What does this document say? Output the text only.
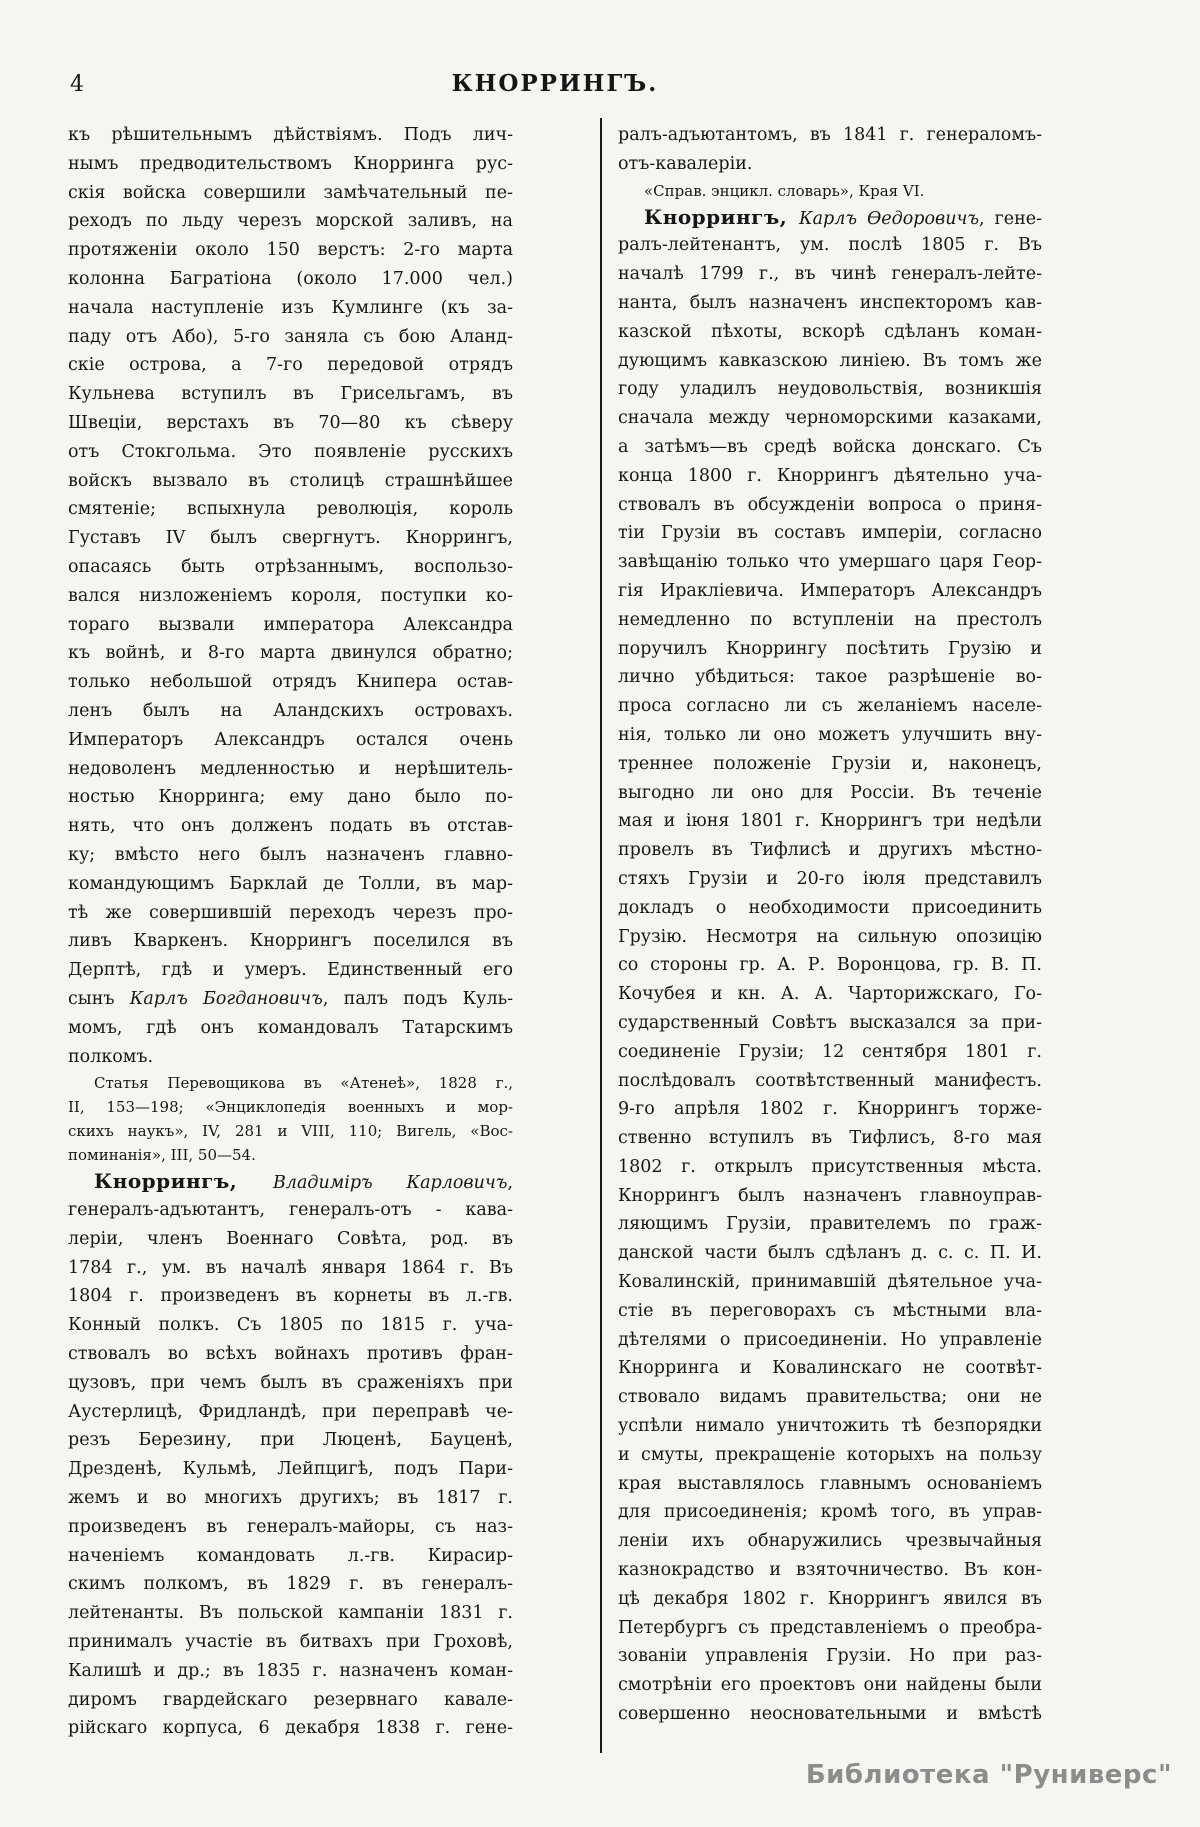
4	КНОРРИНГЪ.
къ рѣшительнымъ дѣйствіямъ. Подъ лич-
нымъ предводительствомъ Кнорринга рус-
скія войска совершили замѣчательный пе-
реходъ по льду черезъ морской заливъ, на
протяженіи около 150 верстъ: 2-го марта
колонна Багратіона (около 17.000 чел.)
начала наступленіе изъ Кумлинге (къ за-
паду отъ Або), 5-го заняла съ бою Аланд-
скіе острова, а 7-го передовой отрядъ
Кульнева вступилъ въ Грисельгамъ, въ
Швеціи, верстахъ въ 70—80 къ сѣверу
отъ Стокгольма. Это появленіе русскихъ
войскъ вызвало въ столицѣ страшнѣйшее
смятеніе; вспыхнула революція, король
Густавъ IV былъ свергнутъ. Кноррингъ,
опасаясь быть отрѣзаннымъ, воспользо-
вался низложеніемъ короля, поступки ко-
тораго вызвали императора Александра
къ войнѣ, и 8-го марта двинулся обратно;
только небольшой отрядъ Книпера остав-
ленъ былъ на Аландскихъ островахъ.
Императоръ Александръ остался очень
недоволенъ медленностью и нерѣшитель-
ностью Кнорринга; ему дано было по-
нять, что онъ долженъ подать въ отстав-
ку; вмѣсто него былъ назначенъ главно-
командующимъ Барклай де Толли, въ мар-
тѣ же совершившій переходъ черезъ про-
ливъ Кваркенъ. Кноррингъ поселился въ
Дерптѣ, гдѣ и умеръ. Единственный его
сынъ Карлъ Богдановичъ, палъ подъ Куль-
момъ, гдѣ онъ командовалъ Татарскимъ
полкомъ.
Статья Перевощикова въ «Атенеѣ», 1828 г.,
II, 153—198; «Энциклопедія военныхъ и мор-
скихъ наукъ», IV, 281 и VIII, 110; Вигель, «Вос-
поминанія», III, 50—54.
Кноррингъ, Владиміръ Карловичъ,
генералъ-адъютантъ, генералъ-отъ - кава-
леріи, членъ Военнаго Совѣта, род. въ
1784 г., ум. въ началѣ января 1864 г. Въ
1804 г. произведенъ въ корнеты въ л.-гв.
Конный полкъ. Съ 1805 по 1815 г. уча-
ствовалъ во всѣхъ войнахъ противъ фран-
цузовъ, при чемъ былъ въ сраженіяхъ при
Аустерлицѣ, Фридландѣ, при переправѣ че-
резъ Березину, при Люценѣ, Бауценѣ,
Дрезденѣ, Кульмѣ, Лейпцигѣ, подъ Пари-
жемъ и во многихъ другихъ; въ 1817 г.
произведенъ въ генералъ-майоры, съ наз-
наченіемъ командовать л.-гв. Кирасир-
скимъ полкомъ, въ 1829 г. въ генералъ-
лейтенанты. Въ польской кампаніи 1831 г.
принималъ участіе въ битвахъ при Гроховѣ,
Калишѣ и др.; въ 1835 г. назначенъ коман-
диромъ гвардейскаго резервнаго кавале-
рійскаго корпуса, 6 декабря 1838 г. гене-
ралъ-адъютантомъ, въ 1841 г. генераломъ-
отъ-кавалеріи.
«Справ. энцикл. словарь», Края VI.
Кноррингъ, Карлъ Ѳедоровичъ, гене-
ралъ-лейтенантъ, ум. послѣ 1805 г. Въ
началѣ 1799 г., въ чинѣ генералъ-лейте-
нанта, былъ назначенъ инспекторомъ кав-
казской пѣхоты, вскорѣ сдѣланъ коман-
дующимъ кавказскою линіею. Въ томъ же
году уладилъ неудовольствія, возникшія
сначала между черноморскими казаками,
а затѣмъ—въ средѣ войска донскаго. Съ
конца 1800 г. Кноррингъ дѣятельно уча-
ствовалъ въ обсужденіи вопроса о приня-
тіи Грузіи въ составъ имперіи, согласно
завѣщанію только что умершаго царя Геор-
гія Иракліевича. Императоръ Александръ
немедленно по вступленіи на престолъ
поручилъ Кноррингу посѣтить Грузію и
лично убѣдиться: такое разрѣшеніе во-
проса согласно ли съ желаніемъ населе-
нія, только ли оно можетъ улучшить вну-
треннее положеніе Грузіи и, наконецъ,
выгодно ли оно для Россіи. Въ теченіе
мая и іюня 1801 г. Кноррингъ три недѣли
провелъ въ Тифлисѣ и другихъ мѣстно-
стяхъ Грузіи и 20-го іюля представилъ
докладъ о необходимости присоединить
Грузію. Несмотря на сильную опозицію
со стороны гр. А. Р. Воронцова, гр. В. П.
Кочубея и кн. А. А. Чарторижскаго, Го-
сударственный Совѣтъ высказался за при-
соединеніе Грузіи; 12 сентября 1801 г.
послѣдовалъ соотвѣтственный манифестъ.
9-го апрѣля 1802 г. Кноррингъ торже-
ственно вступилъ въ Тифлисъ, 8-го мая
1802 г. открылъ присутственныя мѣста.
Кноррингъ былъ назначенъ главноуправ-
ляющимъ Грузіи, правителемъ по граж-
данской части былъ сдѣланъ д. с. с. П. И.
Ковалинскій, принимавшій дѣятельное уча-
стіе въ переговорахъ съ мѣстными вла-
дѣтелями о присоединеніи. Но управленіе
Кнорринга и Ковалинскаго не соотвѣт-
ствовало видамъ правительства; они не
успѣли нимало уничтожить тѣ безпорядки
и смуты, прекращеніе которыхъ на пользу
края выставлялось главнымъ основаніемъ
для присоединенія; кромѣ того, въ управ-
леніи ихъ обнаружились чрезвычайныя
казнокрадство и взяточничество. Въ кон-
цѣ декабря 1802 г. Кноррингъ явился въ
Петербургъ съ представленіемъ о преобра-
зованіи управленія Грузіи. Но при раз-
смотрѣніи его проектовъ они найдены были
совершенно неосновательными и вмѣстѣ
Библиотека "Руниверс"
